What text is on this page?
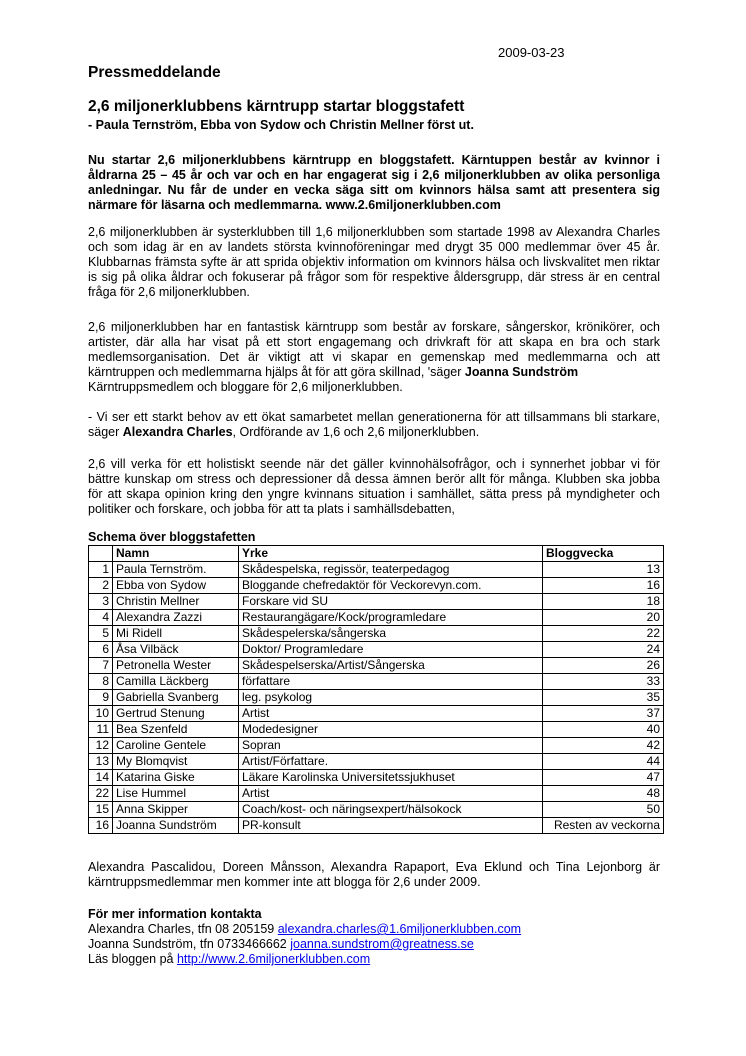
2009-03-23
Pressmeddelande
2,6 miljonerklubbens kärntrupp startar bloggstafett
- Paula Ternström, Ebba von Sydow och Christin Mellner först ut.
Nu startar 2,6 miljonerklubbens kärntrupp en bloggstafett. Kärntuppen består av kvinnor i åldrarna 25 – 45 år och var och en har engagerat sig i 2,6 miljonerklubben av olika personliga anledningar. Nu får de under en vecka säga sitt om kvinnors hälsa samt att presentera sig närmare för läsarna och medlemmarna. www.2.6miljonerklubben.com
2,6 miljonerklubben är systerklubben till 1,6 miljonerklubben som startade 1998 av Alexandra Charles och som idag är en av landets största kvinnoföreningar med drygt 35 000 medlemmar över 45 år. Klubbarnas främsta syfte är att sprida objektiv information om kvinnors hälsa och livskvalitet men riktar is sig på olika åldrar och fokuserar på frågor som för respektive åldersgrupp, där stress är en central fråga för 2,6 miljonerklubben.
2,6 miljonerklubben har en fantastisk kärntrupp som består av forskare, sångerskor, krönikörer, och artister, där alla har visat på ett stort engagemang och drivkraft för att skapa en bra och stark medlemsorganisation. Det är viktigt att vi skapar en gemenskap med medlemmarna och att kärntruppen och medlemmarna hjälps åt för att göra skillnad, 'säger Joanna Sundström
Kärntruppsmedlem och bloggare för 2,6 miljonerklubben.
- Vi ser ett starkt behov av ett ökat samarbetet mellan generationerna för att tillsammans bli starkare, säger Alexandra Charles, Ordförande av 1,6 och 2,6 miljonerklubben.
2,6 vill verka för ett holistiskt seende när det gäller kvinnohälsofrågor, och i synnerhet jobbar vi för bättre kunskap om stress och depressioner då dessa ämnen berör allt för många. Klubben ska jobba för att skapa opinion kring den yngre kvinnans situation i samhället, sätta press på myndigheter och politiker och forskare, och jobba för att ta plats i samhällsdebatten,
Schema över bloggstafetten
	Namn	Yrke	Bloggvecka
1	Paula Ternström.	Skådespelska, regissör, teaterpedagog	13
2	Ebba von Sydow	Bloggande chefredaktör för Veckorevyn.com.	16
3	Christin Mellner	Forskare vid SU	18
4	Alexandra Zazzi	Restaurangägare/Kock/programledare	20
5	Mi Ridell	Skådespelerska/sångerska	22
6	Åsa Vilbäck	Doktor/ Programledare	24
7	Petronella Wester	Skådespelserska/Artist/Sångerska	26
8	Camilla Läckberg	författare	33
9	Gabriella Svanberg	leg. psykolog	35
10	Gertrud Stenung	Artist	37
11	Bea Szenfeld	Modedesigner	40
12	Caroline Gentele	Sopran	42
13	My Blomqvist	Artist/Författare.	44
14	Katarina Giske	Läkare Karolinska Universitetssjukhuset	47
22	Lise Hummel	Artist	48
15	Anna Skipper	Coach/kost- och näringsexpert/hälsokock	50
16	Joanna Sundström	PR-konsult	Resten av veckorna
Alexandra Pascalidou, Doreen Månsson, Alexandra Rapaport, Eva Eklund och Tina Lejonborg är kärntruppsmedlemmar men kommer inte att blogga för 2,6 under 2009.
För mer information kontakta
Alexandra Charles, tfn 08 205159 alexandra.charles@1.6miljonerklubben.com
Joanna Sundström, tfn 0733466662 joanna.sundstrom@greatness.se
Läs bloggen på http://www.2.6miljonerklubben.com
